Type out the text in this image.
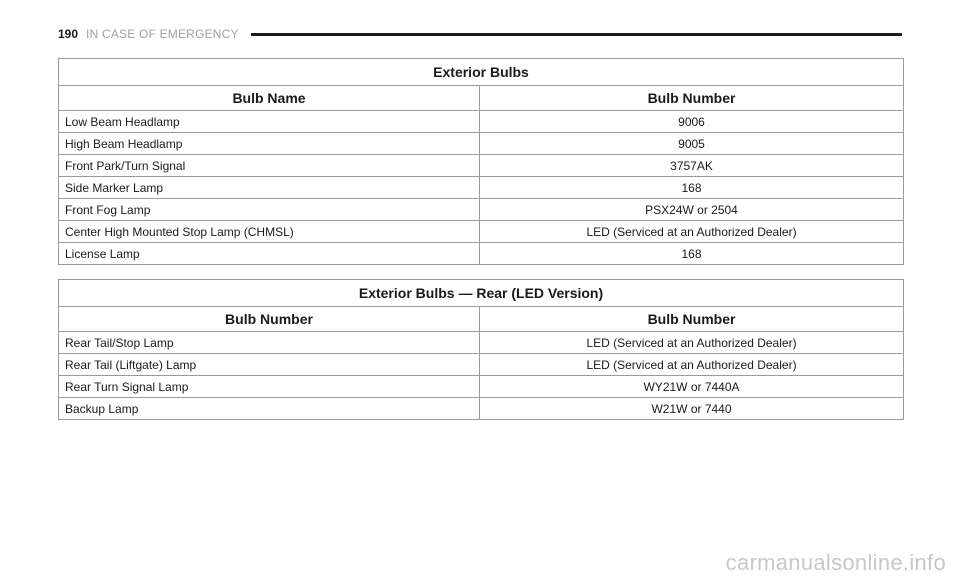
190 IN CASE OF EMERGENCY
Exterior Bulbs	
Bulb Name	Bulb Number
Low Beam Headlamp	9006
High Beam Headlamp	9005
Front Park/Turn Signal	3757AK
Side Marker Lamp	168
Front Fog Lamp	PSX24W or 2504
Center High Mounted Stop Lamp (CHMSL)	LED (Serviced at an Authorized Dealer)
License Lamp	168
Exterior Bulbs — Rear (LED Version)	
Bulb Number	Bulb Number
Rear Tail/Stop Lamp	LED (Serviced at an Authorized Dealer)
Rear Tail (Liftgate) Lamp	LED (Serviced at an Authorized Dealer)
Rear Turn Signal Lamp	WY21W or 7440A
Backup Lamp	W21W or 7440
carmanualsonline.info
